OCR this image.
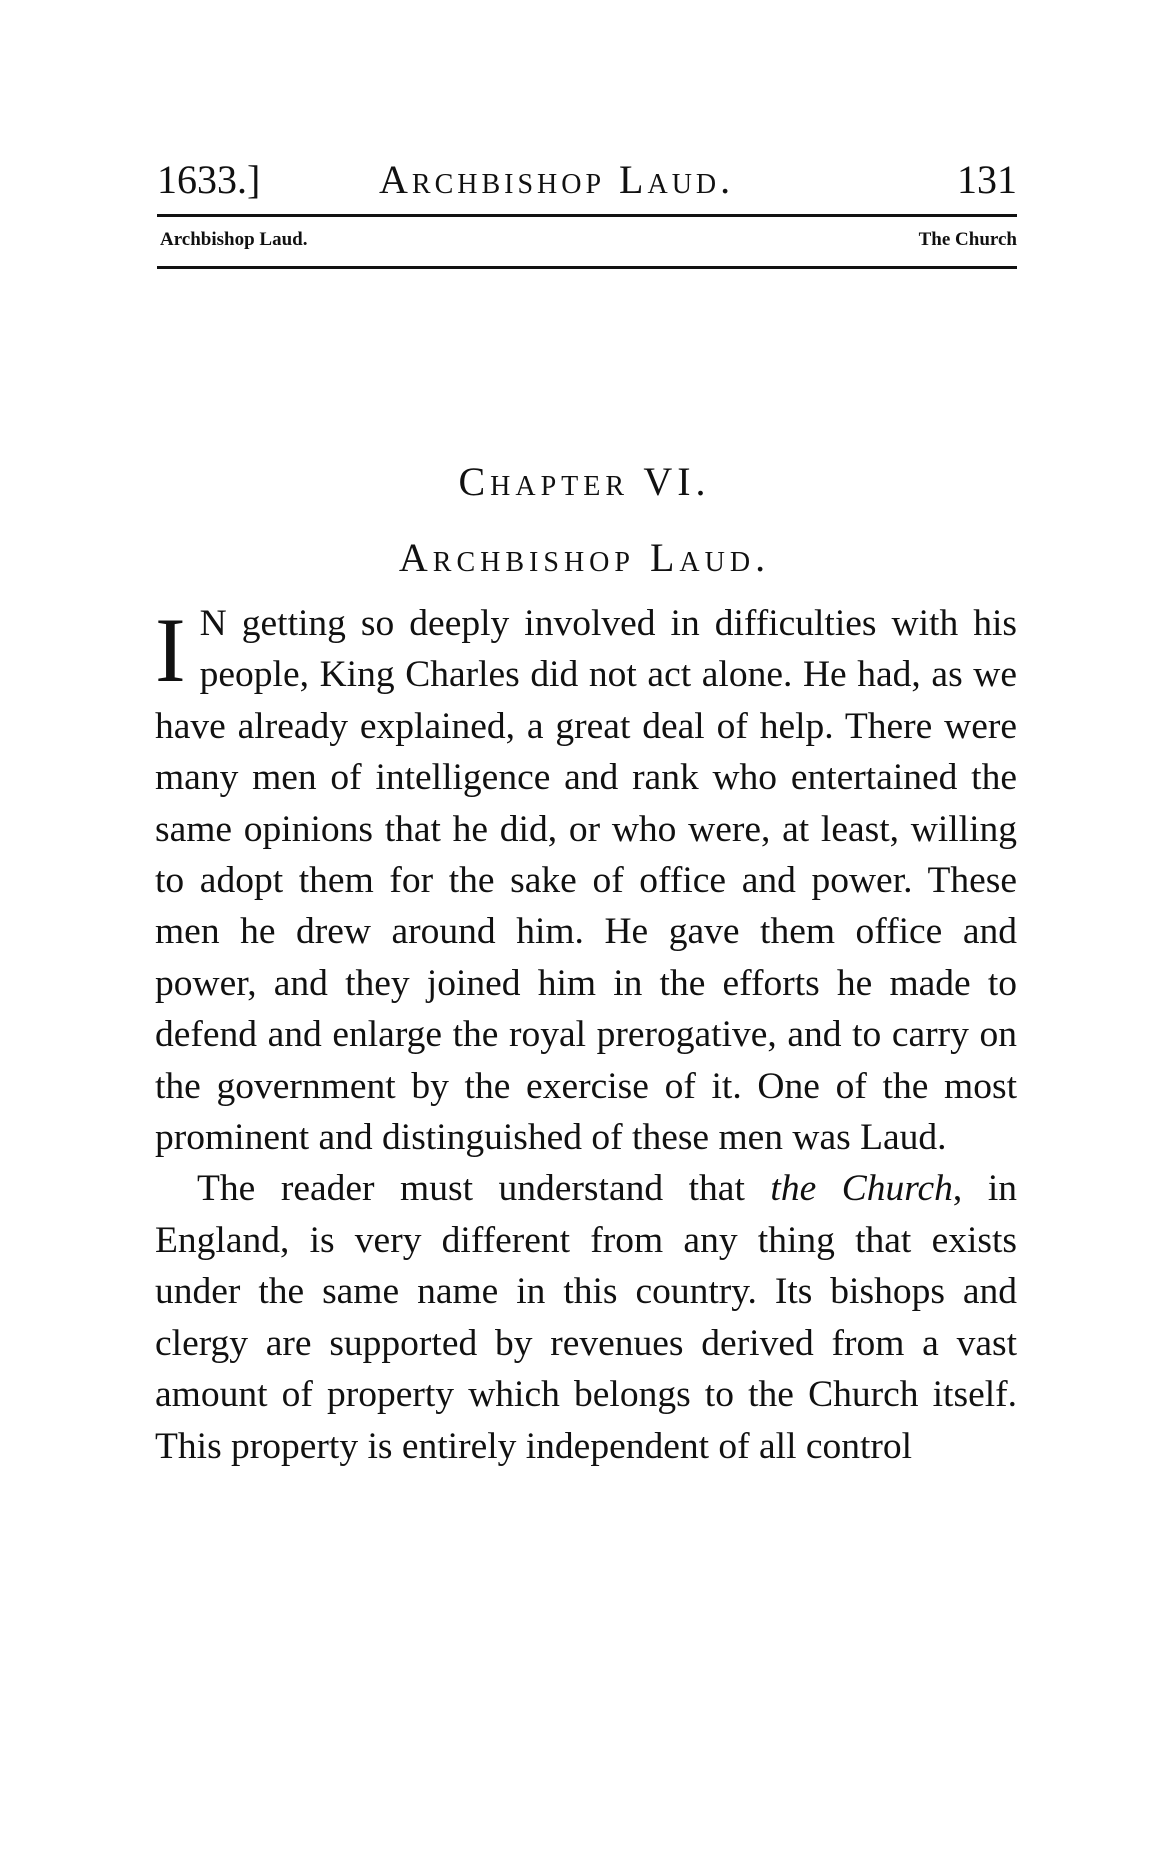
1633.]	Archbishop Laud.	131
Archbishop Laud.	The Church
Chapter VI.
Archbishop Laud.

I N getting so deeply involved in difficulties with his people, King Charles did not act alone. He had, as we have already explained, a great deal of help. There were many men of intelligence and rank who entertained the same opinions that he did, or who were, at least, willing to adopt them for the sake of office and power. These men he drew around him. He gave them office and power, and they joined him in the efforts he made to defend and enlarge the royal prerogative, and to carry on the government by the exercise of it. One of the most prominent and distinguished of these men was Laud.

The reader must understand that the Church, in England, is very different from any thing that exists under the same name in this country. Its bishops and clergy are supported by revenues derived from a vast amount of property which belongs to the Church itself. This property is entirely independent of all control
